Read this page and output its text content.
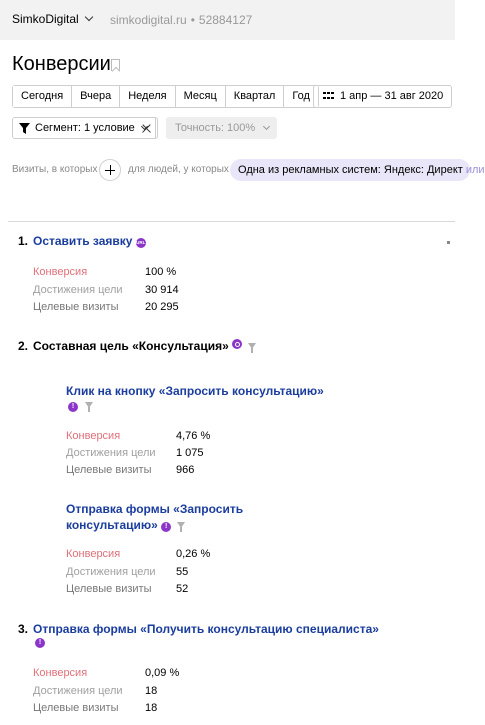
SimkoDigital	simkodigital.ru • 52884127
Конверсии
Сегодня	Вчера	Неделя	Месяц	Квартал	Год	1 апр — 31 авг 2020
Сегмент: 1 условие	Точность: 100%
Визиты, в которых	для людей, у которых Одна из рекламных систем: Яндекс: Директ или
1. Оставить заявку URL
Конверсия	100 %
Достижения цели 30 914
Целевые визиты 20 295
2. Составная цель «Консультация»
Клик на кнопку «Запросить консультацию»
!
Конверсия	4,76 %
Достижения цели 1 075
Целевые визиты 966
Отправка формы «Запросить
консультацию» !
Конверсия	0,26 %
Достижения цели 55
Целевые визиты 52
3. Отправка формы «Получить консультацию специалиста»
!
Конверсия	0,09 %
Достижения цели 18
Целевые визиты 18
